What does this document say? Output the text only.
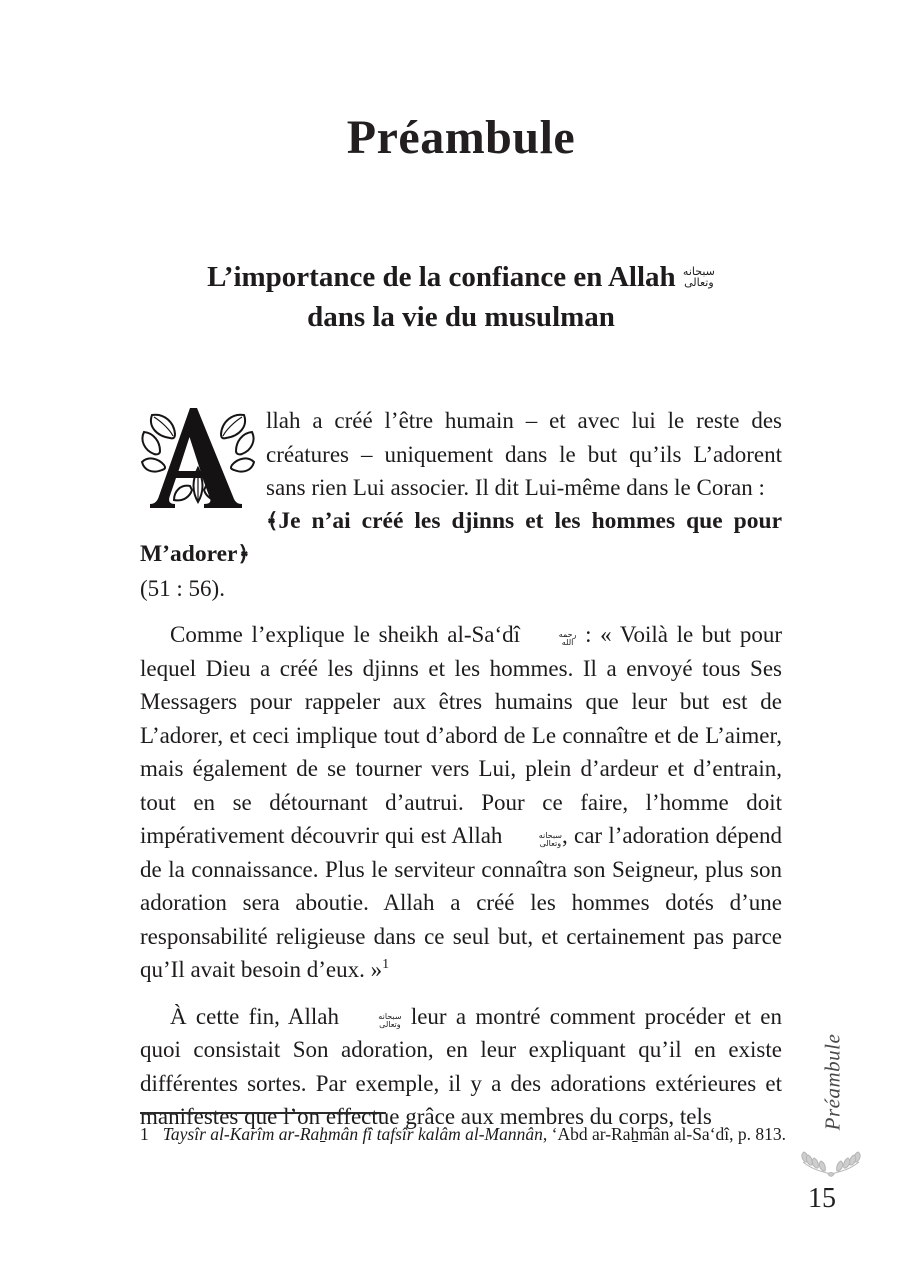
Préambule
L’importance de la confiance en Allah سبحانه
وتعالى

dans la vie du musulman

llah a créé l’être humain – et avec lui le reste des créatures – uniquement dans le but qu’ils L’adorent sans rien Lui associer. Il dit Lui-même dans le Coran :
﴾Je n’ai créé les djinns et les hommes que pour M’adorer﴿
(51 : 56).

Comme l’explique le sheikh al-Sa‘dî	رحمه
الله : « Voilà le but pour lequel Dieu a créé les djinns et les hommes. Il a envoyé tous Ses Messagers pour rappeler aux êtres humains que leur but est de L’adorer, et ceci implique tout d’abord de Le connaître et de L’aimer, mais également de se tourner vers Lui, plein d’ardeur et d’entrain, tout en se détournant d’autrui. Pour ce faire, l’homme doit impérativement découvrir qui est Allah	سبحانه
وتعالى , car l’adoration dépend de la connaissance. Plus le serviteur connaîtra son Seigneur, plus son adoration sera aboutie. Allah a créé les hommes dotés d’une responsabilité religieuse dans ce seul but, et certainement pas parce qu’Il avait besoin d’eux. »$^1$

À cette fin, Allah	سبحانه
وتعالى leur a montré comment procéder et en quoi consistait Son adoration, en leur expliquant qu’il en existe différentes sortes. Par exemple, il y a des adorations extérieures et manifestes que l’on effectue grâce aux membres du corps, tels

1 Taysîr al-Karîm ar-Raẖmân fî tafsîr kalâm al-Mannân, ‘Abd ar-Raẖmân al-Sa‘dî, p. 813.
Préambule
15
